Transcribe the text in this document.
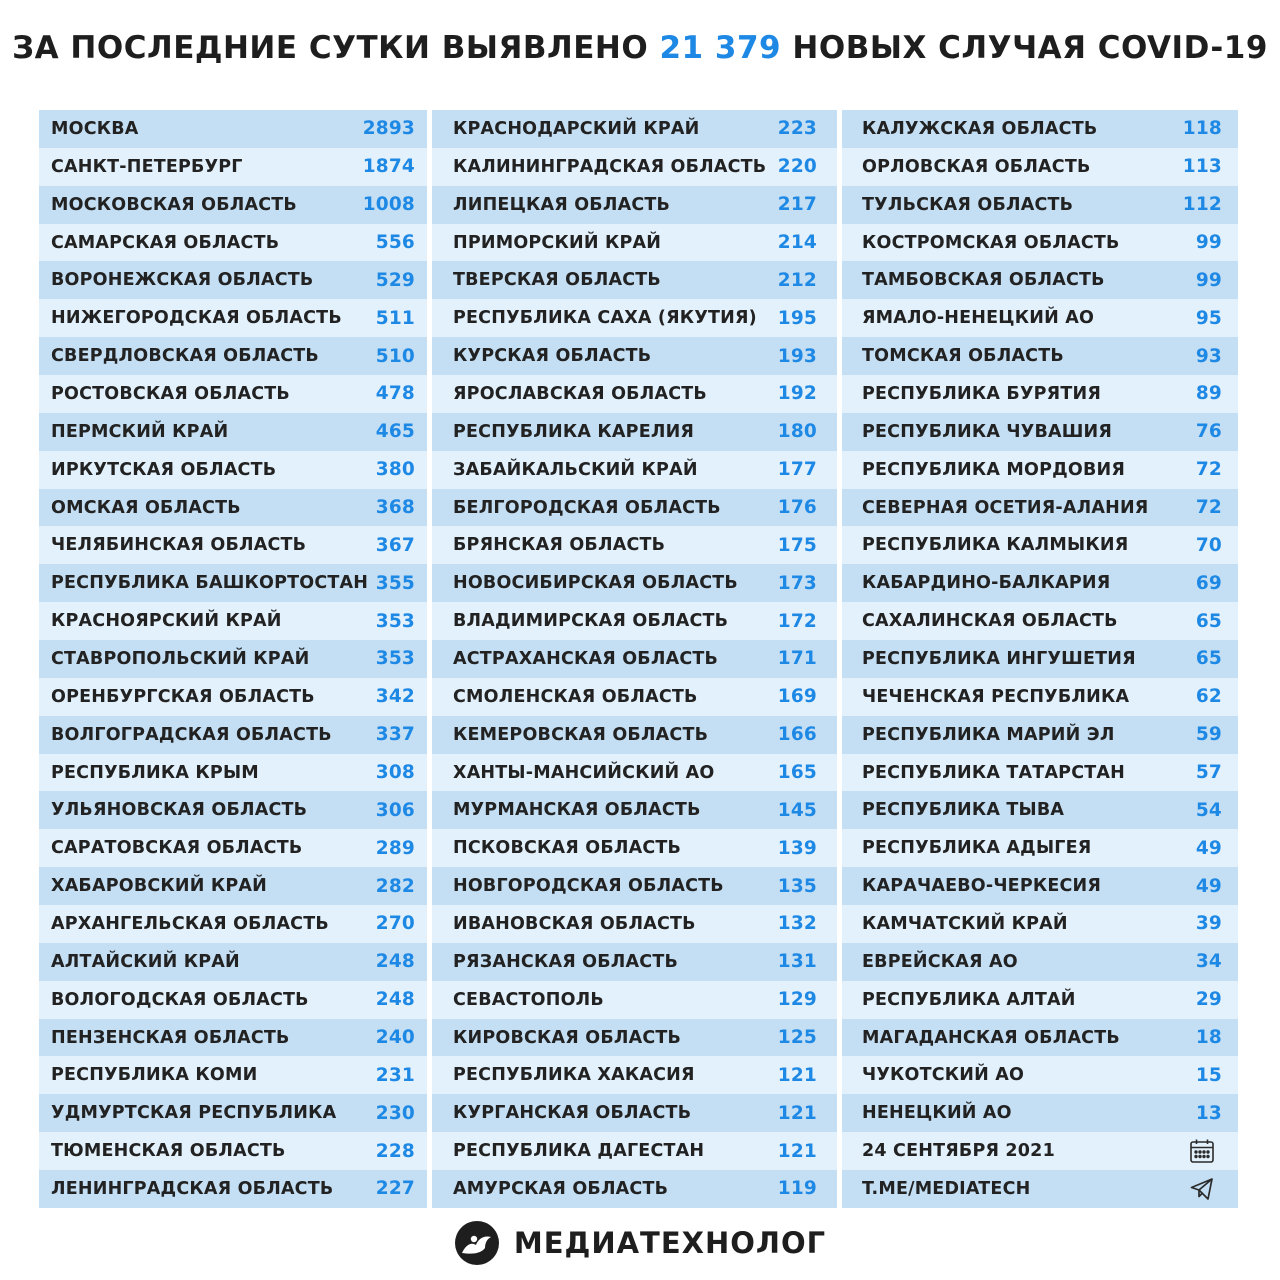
ЗА ПОСЛЕДНИЕ СУТКИ ВЫЯВЛЕНО 21 379 НОВЫХ СЛУЧАЯ COVID-19
МОСКВА	2893
САНКТ-ПЕТЕРБУРГ	1874
МОСКОВСКАЯ ОБЛАСТЬ	1008
САМАРСКАЯ ОБЛАСТЬ	556
ВОРОНЕЖСКАЯ ОБЛАСТЬ	529
НИЖЕГОРОДСКАЯ ОБЛАСТЬ 511
СВЕРДЛОВСКАЯ ОБЛАСТЬ	510
РОСТОВСКАЯ ОБЛАСТЬ	478
ПЕРМСКИЙ КРАЙ	465
ИРКУТСКАЯ ОБЛАСТЬ	380
ОМСКАЯ ОБЛАСТЬ	368
ЧЕЛЯБИНСКАЯ ОБЛАСТЬ	367
РЕСПУБЛИКА БАШКОРТОСТАН 355
КРАСНОЯРСКИЙ КРАЙ	353
СТАВРОПОЛЬСКИЙ КРАЙ	353
ОРЕНБУРГСКАЯ ОБЛАСТЬ	342
ВОЛГОГРАДСКАЯ ОБЛАСТЬ 337
РЕСПУБЛИКА КРЫМ	308
УЛЬЯНОВСКАЯ ОБЛАСТЬ	306
САРАТОВСКАЯ ОБЛАСТЬ	289
ХАБАРОВСКИЙ КРАЙ	282
АРХАНГЕЛЬСКАЯ ОБЛАСТЬ	270
АЛТАЙСКИЙ КРАЙ	248
ВОЛОГОДСКАЯ ОБЛАСТЬ	248
ПЕНЗЕНСКАЯ ОБЛАСТЬ	240
РЕСПУБЛИКА КОМИ	231
УДМУРТСКАЯ РЕСПУБЛИКА 230
ТЮМЕНСКАЯ ОБЛАСТЬ	228
ЛЕНИНГРАДСКАЯ ОБЛАСТЬ 227
КРАСНОДАРСКИЙ КРАЙ	223
КАЛИНИНГРАДСКАЯ ОБЛАСТЬ 220
ЛИПЕЦКАЯ ОБЛАСТЬ	217
ПРИМОРСКИЙ КРАЙ	214
ТВЕРСКАЯ ОБЛАСТЬ	212
РЕСПУБЛИКА САХА (ЯКУТИЯ) 195
КУРСКАЯ ОБЛАСТЬ	193
ЯРОСЛАВСКАЯ ОБЛАСТЬ	192
РЕСПУБЛИКА КАРЕЛИЯ	180
ЗАБАЙКАЛЬСКИЙ КРАЙ	177
БЕЛГОРОДСКАЯ ОБЛАСТЬ	176
БРЯНСКАЯ ОБЛАСТЬ	175
НОВОСИБИРСКАЯ ОБЛАСТЬ 173
ВЛАДИМИРСКАЯ ОБЛАСТЬ	172
АСТРАХАНСКАЯ ОБЛАСТЬ	171
СМОЛЕНСКАЯ ОБЛАСТЬ	169
КЕМЕРОВСКАЯ ОБЛАСТЬ	166
ХАНТЫ-МАНСИЙСКИЙ АО	165
МУРМАНСКАЯ ОБЛАСТЬ	145
ПСКОВСКАЯ ОБЛАСТЬ	139
НОВГОРОДСКАЯ ОБЛАСТЬ	135
ИВАНОВСКАЯ ОБЛАСТЬ	132
РЯЗАНСКАЯ ОБЛАСТЬ	131
СЕВАСТОПОЛЬ	129
КИРОВСКАЯ ОБЛАСТЬ	125
РЕСПУБЛИКА ХАКАСИЯ	121
КУРГАНСКАЯ ОБЛАСТЬ	121
РЕСПУБЛИКА ДАГЕСТАН	121
АМУРСКАЯ ОБЛАСТЬ	119
КАЛУЖСКАЯ ОБЛАСТЬ	118
ОРЛОВСКАЯ ОБЛАСТЬ	113
ТУЛЬСКАЯ ОБЛАСТЬ	112
КОСТРОМСКАЯ ОБЛАСТЬ	99
ТАМБОВСКАЯ ОБЛАСТЬ	99
ЯМАЛО-НЕНЕЦКИЙ АО	95
ТОМСКАЯ ОБЛАСТЬ	93
РЕСПУБЛИКА БУРЯТИЯ	89
РЕСПУБЛИКА ЧУВАШИЯ	76
РЕСПУБЛИКА МОРДОВИЯ	72
СЕВЕРНАЯ ОСЕТИЯ-АЛАНИЯ	72
РЕСПУБЛИКА КАЛМЫКИЯ	70
КАБАРДИНО-БАЛКАРИЯ	69
САХАЛИНСКАЯ ОБЛАСТЬ	65
РЕСПУБЛИКА ИНГУШЕТИЯ	65
ЧЕЧЕНСКАЯ РЕСПУБЛИКА	62
РЕСПУБЛИКА МАРИЙ ЭЛ	59
РЕСПУБЛИКА ТАТАРСТАН	57
РЕСПУБЛИКА ТЫВА	54
РЕСПУБЛИКА АДЫГЕЯ	49
КАРАЧАЕВО-ЧЕРКЕСИЯ	49
КАМЧАТСКИЙ КРАЙ	39
ЕВРЕЙСКАЯ АО	34
РЕСПУБЛИКА АЛТАЙ	29
МАГАДАНСКАЯ ОБЛАСТЬ	18
ЧУКОТСКИЙ АО	15
НЕНЕЦКИЙ АО	13
24 СЕНТЯБРЯ 2021
T.ME/MEDIATECH
МЕДИАТЕХНОЛОГ
